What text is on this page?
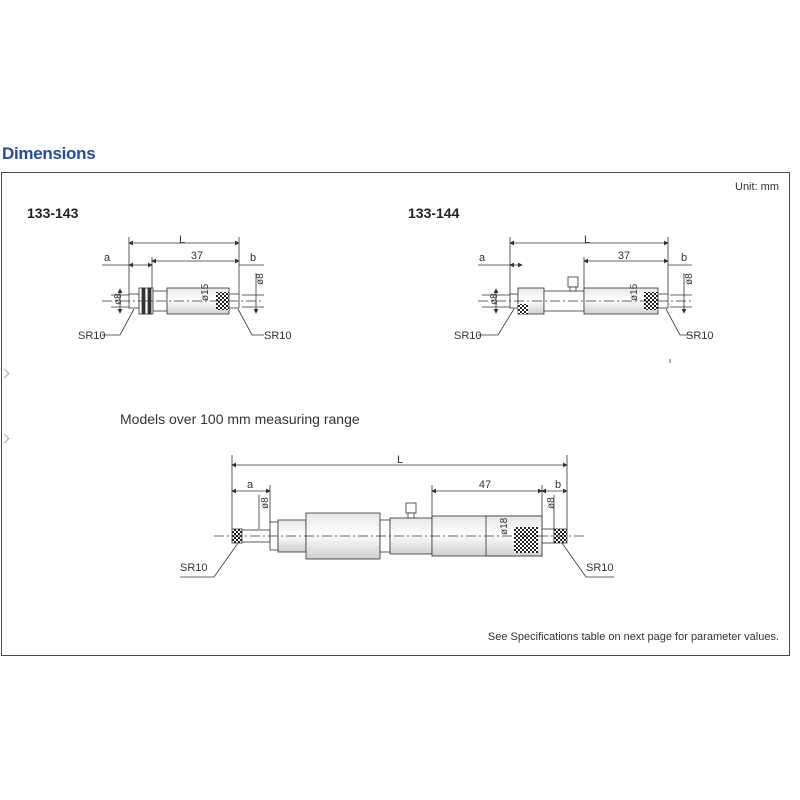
Dimensions
Unit: mm
133-143	133-144
Models over 100 mm measuring range
See Specifications table on next page for parameter values.
L
37
a	b
ø8
ø8
ø15
SR10	SR10
L
37
a	b
ø8
ø8
ø15
SR10	SR10
L
47
a	b
ø8	ø8
ø18
SR10	SR10
